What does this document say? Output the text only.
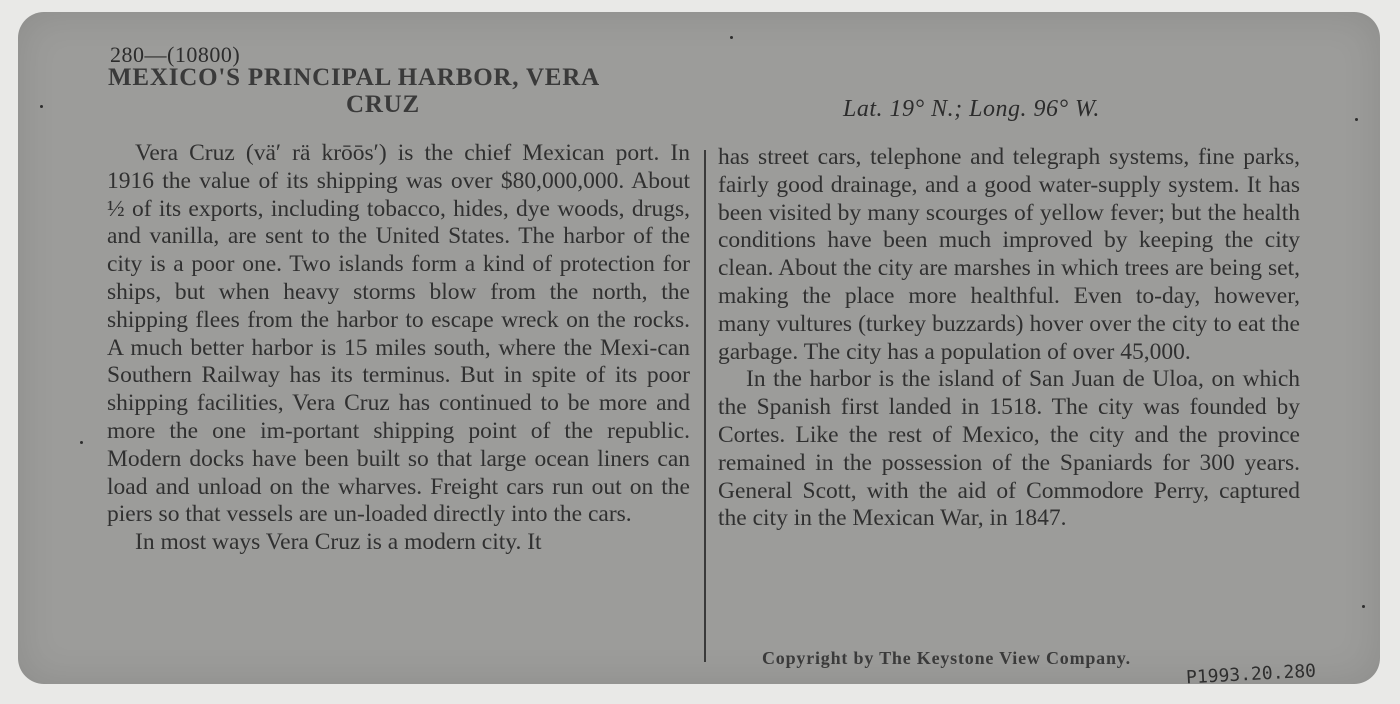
280—(10800)
MEXICO'S PRINCIPAL HARBOR, VERA
CRUZ	Lat. 19° N.; Long. 96° W.

Vera Cruz (vä′ rä krōōs′) is the chief Mexican port. In 1916 the value of its shipping was over $80,000,000. About ½ of its exports, including tobacco, hides, dye woods, drugs, and vanilla, are sent to the United States. The harbor of the city is a poor one. Two islands form a kind of protection for ships, but when heavy storms blow from the north, the shipping flees from the harbor to escape wreck on the rocks. A much better harbor is 15 miles south, where the Mexi-can Southern Railway has its terminus. But in spite of its poor shipping facilities, Vera Cruz has continued to be more and more the one im-portant shipping point of the republic. Modern docks have been built so that large ocean liners can load and unload on the wharves. Freight cars run out on the piers so that vessels are un-loaded directly into the cars.

In most ways Vera Cruz is a modern city. It

has street cars, telephone and telegraph systems, fine parks, fairly good drainage, and a good water-supply system. It has been visited by many scourges of yellow fever; but the health conditions have been much improved by keeping the city clean. About the city are marshes in which trees are being set, making the place more healthful. Even to-day, however, many vultures (turkey buzzards) hover over the city to eat the garbage. The city has a population of over 45,000.

In the harbor is the island of San Juan de Uloa, on which the Spanish first landed in 1518. The city was founded by Cortes. Like the rest of Mexico, the city and the province remained in the possession of the Spaniards for 300 years. General Scott, with the aid of Commodore Perry, captured the city in the Mexican War, in 1847.

Copyright by The Keystone View Company.
P1993.20.280
